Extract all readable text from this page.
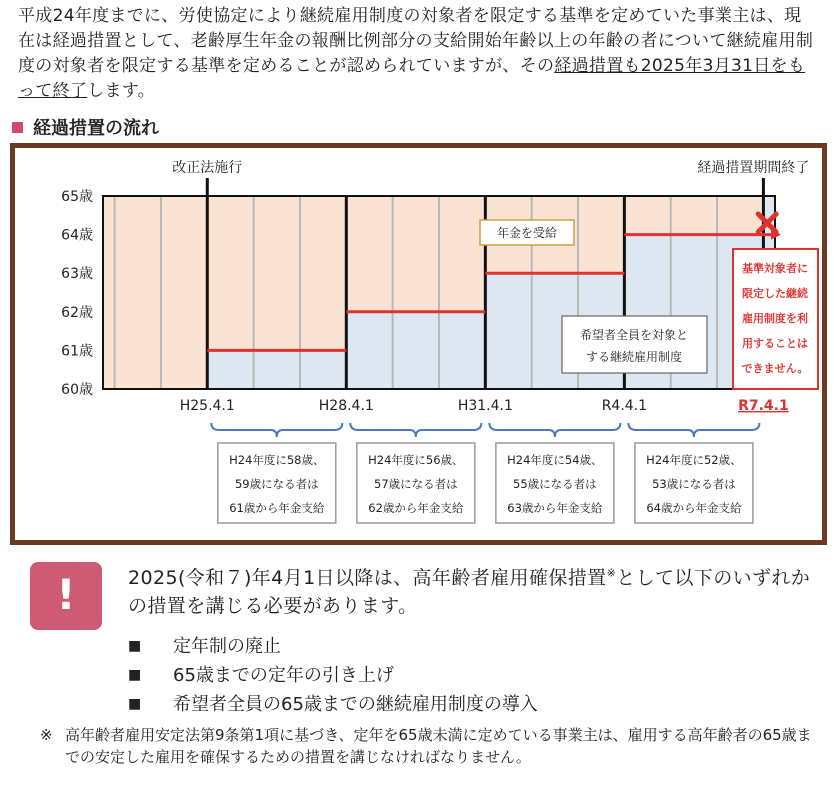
平成24年度までに、労使協定により継続雇用制度の対象者を限定する基準を定めていた事業主は、現在は経過措置として、老齢厚生年金の報酬比例部分の支給開始年齢以上の年齢の者について継続雇用制度の対象者を限定する基準を定めることが認められていますが、その経過措置も2025年3月31日をもって終了します。
経過措置の流れ
65歳
64歳
63歳
62歳
61歳
60歳
改正法施行	経過措置期間終了
H25.4.1	H28.4.1	H31.4.1	R4.4.1	R7.4.1
H24年度に58歳、
59歳になる者は
61歳から年金支給
H24年度に56歳、
57歳になる者は
62歳から年金支給
H24年度に54歳、
55歳になる者は
63歳から年金支給
H24年度に52歳、
53歳になる者は
64歳から年金支給
年金を受給
希望者全員を対象と
する継続雇用制度
基準対象者に
限定した継続
雇用制度を利
用することは
できません。
!	2025(令和７)年4月1日以降は、高年齢者雇用確保措置※として以下のいずれかの措置を講じる必要があります。
■	定年制の廃止
■	65歳までの定年の引き上げ
■	希望者全員の65歳までの継続雇用制度の導入
※ 高年齢者雇用安定法第9条第1項に基づき、定年を65歳未満に定めている事業主は、雇用する高年齢者の65歳までの安定した雇用を確保するための措置を講じなければなりません。
